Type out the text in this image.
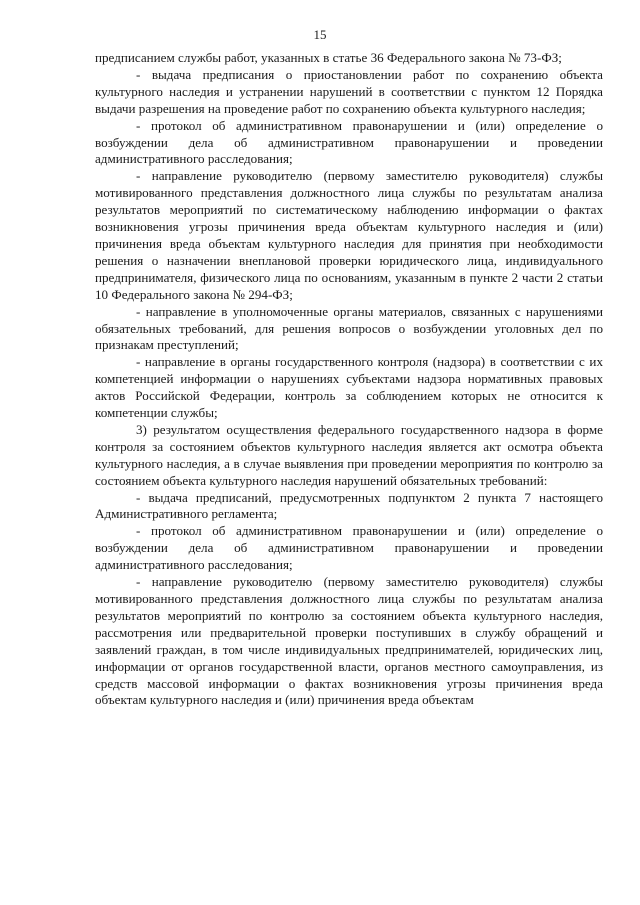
15

предписанием службы работ, указанных в статье 36 Федерального закона № 73-ФЗ;

- выдача предписания о приостановлении работ по сохранению объекта культурного наследия и устранении нарушений в соответствии с пунктом 12 Порядка выдачи разрешения на проведение работ по сохранению объекта культурного наследия;

- протокол об административном правонарушении и (или) определение о возбуждении дела об административном правонарушении и проведении административного расследования;

- направление руководителю (первому заместителю руководителя) службы мотивированного представления должностного лица службы по результатам анализа результатов мероприятий по систематическому наблюдению информации о фактах возникновения угрозы причинения вреда объектам культурного наследия и (или) причинения вреда объектам культурного наследия для принятия при необходимости решения о назначении внеплановой проверки юридического лица, индивидуального предпринимателя, физического лица по основаниям, указанным в пункте 2 части 2 статьи 10 Федерального закона № 294-ФЗ;

- направление в уполномоченные органы материалов, связанных с нарушениями обязательных требований, для решения вопросов о возбуждении уголовных дел по признакам преступлений;

- направление в органы государственного контроля (надзора) в соответствии с их компетенцией информации о нарушениях субъектами надзора нормативных правовых актов Российской Федерации, контроль за соблюдением которых не относится к компетенции службы;

3) результатом осуществления федерального государственного надзора в форме контроля за состоянием объектов культурного наследия является акт осмотра объекта культурного наследия, а в случае выявления при проведении мероприятия по контролю за состоянием объекта культурного наследия нарушений обязательных требований:

- выдача предписаний, предусмотренных подпунктом 2 пункта 7 настоящего Административного регламента;

- протокол об административном правонарушении и (или) определение о возбуждении дела об административном правонарушении и проведении административного расследования;

- направление руководителю (первому заместителю руководителя) службы мотивированного представления должностного лица службы по результатам анализа результатов мероприятий по контролю за состоянием объекта культурного наследия, рассмотрения или предварительной проверки поступивших в службу обращений и заявлений граждан, в том числе индивидуальных предпринимателей, юридических лиц, информации от органов государственной власти, органов местного самоуправления, из средств массовой информации о фактах возникновения угрозы причинения вреда объектам культурного наследия и (или) причинения вреда объектам
